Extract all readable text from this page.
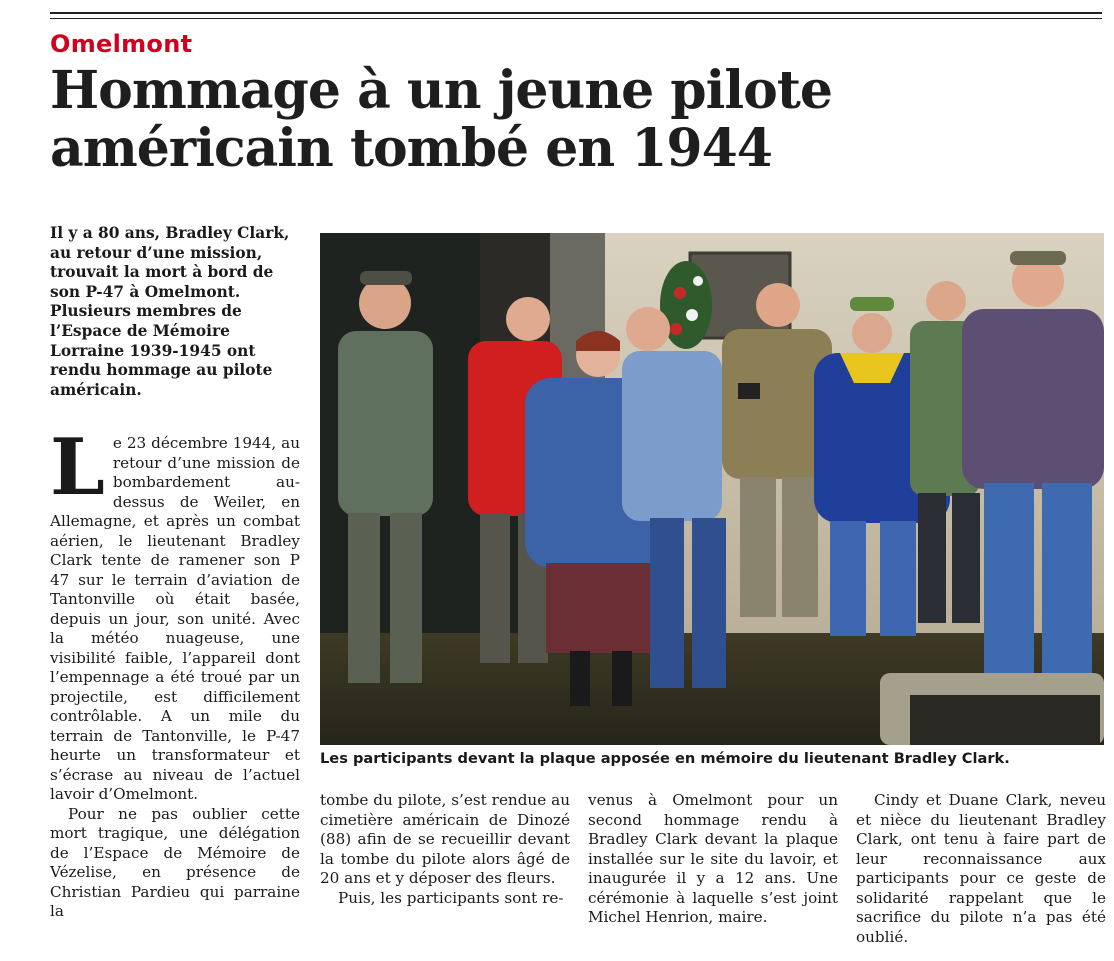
Omelmont
Hommage à un jeune pilote américain tombé en 1944
Il y a 80 ans, Bradley Clark, au retour d’une mission, trouvait la mort à bord de son P-47 à Omelmont. Plusieurs membres de l’Espace de Mémoire Lorraine 1939-1945 ont rendu hommage au pilote américain.

Le 23 décembre 1944, au retour d’une mission de bombardement au-dessus de Weiler, en Allemagne, et après un combat aérien, le lieutenant Bradley Clark tente de ramener son P 47 sur le terrain d’aviation de Tantonville où était basée, depuis un jour, son unité. Avec la météo nuageuse, une visibilité faible, l’appareil dont l’empennage a été troué par un projectile, est difficilement contrôlable. A un mile du terrain de Tantonville, le P-47 heurte un transformateur et s’écrase au niveau de l’actuel lavoir d’Omelmont.

Pour ne pas oublier cette mort tragique, une délégation de l’Espace de Mémoire de Vézelise, en présence de Christian Pardieu qui parraine la

Les participants devant la plaque apposée en mémoire du lieutenant Bradley Clark.

tombe du pilote, s’est rendue au cimetière américain de Dinozé (88) afin de se recueillir devant la tombe du pilote alors âgé de 20 ans et y déposer des fleurs.

Puis, les participants sont re-

venus à Omelmont pour un second hommage rendu à Bradley Clark devant la plaque installée sur le site du lavoir, et inaugurée il y a 12 ans. Une cérémonie à laquelle s’est joint Michel Henrion, maire.

Cindy et Duane Clark, neveu et nièce du lieutenant Bradley Clark, ont tenu à faire part de leur reconnaissance aux participants pour ce geste de solidarité rappelant que le sacrifice du pilote n’a pas été oublié.
